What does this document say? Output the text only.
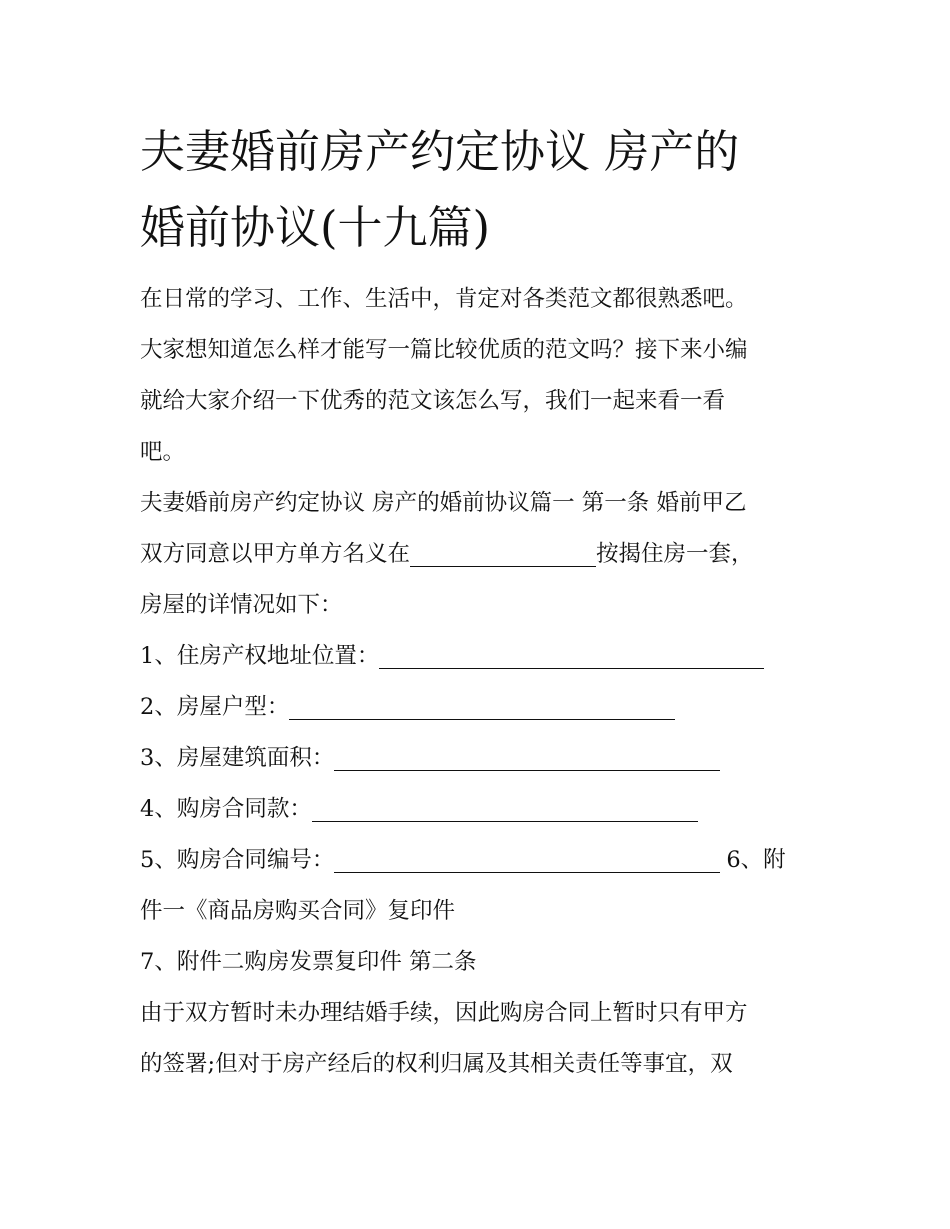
夫妻婚前房产约定协议 房产的
婚前协议(十九篇)
在日常的学习、工作、生活中，肯定对各类范文都很熟悉吧。
大家想知道怎么样才能写一篇比较优质的范文吗？接下来小编
就给大家介绍一下优秀的范文该怎么写，我们一起来看一看
吧。
夫妻婚前房产约定协议 房产的婚前协议篇一 第一条 婚前甲乙
双方同意以甲方单方名义在	按揭住房一套，
房屋的详情况如下：
1、住房产权地址位置：
2、房屋户型：
3、房屋建筑面积：
4、购房合同款：
5、购房合同编号：	6、附
件一《商品房购买合同》复印件
7、附件二购房发票复印件 第二条
由于双方暂时未办理结婚手续，因此购房合同上暂时只有甲方
的签署;但对于房产经后的权利归属及其相关责任等事宜，双
